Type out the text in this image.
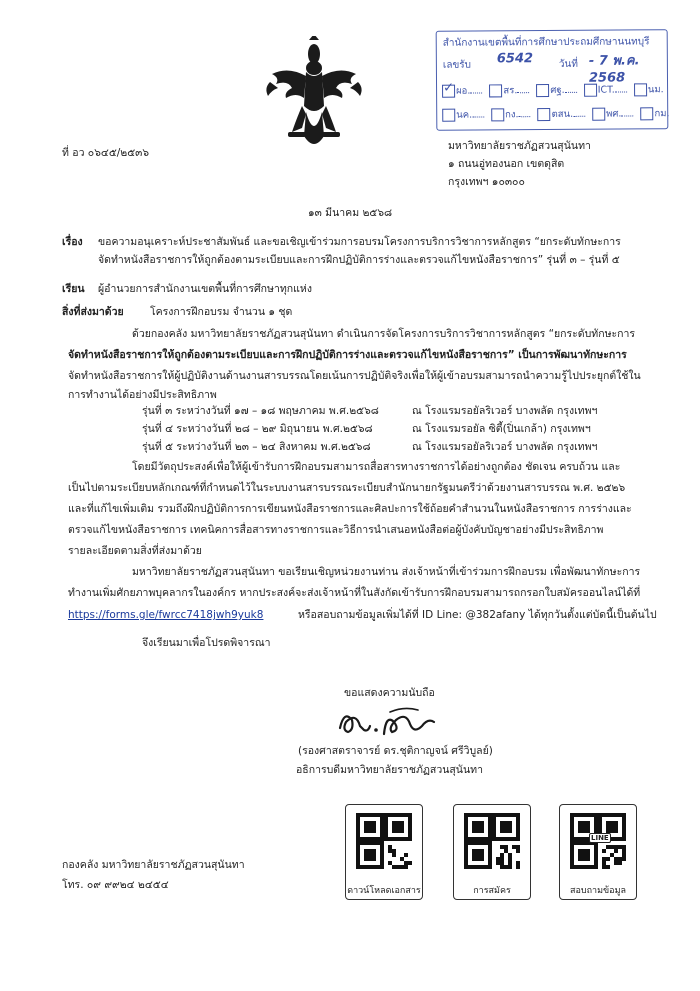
สำนักงานเขตพื้นที่การศึกษาประถมศึกษานนทบุรี
เลขรับ 6542	วันที่ - 7 พ.ค. 2568
✓ผอ.	สร.	ศฐ.	ICT.	นม.
นค.	กง.	ตสน.	พศ.	กม.
ที่ อว ๐๖๔๕/๒๕๓๖
มหาวิทยาลัยราชภัฏสวนสุนันทา
๑ ถนนอู่ทองนอก เขตดุสิต
กรุงเทพฯ ๑๐๓๐๐
๑๓ มีนาคม ๒๕๖๘
เรื่อง ขอความอนุเคราะห์ประชาสัมพันธ์ และขอเชิญเข้าร่วมการอบรมโครงการบริการวิชาการหลักสูตร “ยกระดับทักษะการ
จัดทำหนังสือราชการให้ถูกต้องตามระเบียบและการฝึกปฏิบัติการร่างและตรวจแก้ไขหนังสือราชการ” รุ่นที่ ๓ – รุ่นที่ ๕
เรียน ผู้อำนวยการสำนักงานเขตพื้นที่การศึกษาทุกแห่ง
สิ่งที่ส่งมาด้วย	โครงการฝึกอบรม จำนวน ๑ ชุด
ด้วยกองคลัง มหาวิทยาลัยราชภัฏสวนสุนันทา ดำเนินการจัดโครงการบริการวิชาการหลักสูตร “ยกระดับทักษะการ
จัดทำหนังสือราชการให้ถูกต้องตามระเบียบและการฝึกปฏิบัติการร่างและตรวจแก้ไขหนังสือราชการ” เป็นการพัฒนาทักษะการ
จัดทำหนังสือราชการให้ผู้ปฏิบัติงานด้านงานสารบรรณโดยเน้นการปฏิบัติจริงเพื่อให้ผู้เข้าอบรมสามารถนำความรู้ไปประยุกต์ใช้ใน
การทำงานได้อย่างมีประสิทธิภาพ
รุ่นที่ ๓ ระหว่างวันที่ ๑๗ – ๑๘ พฤษภาคม พ.ศ.๒๕๖๘	ณ โรงแรมรอยัลริเวอร์ บางพลัด กรุงเทพฯ
รุ่นที่ ๔ ระหว่างวันที่ ๒๘ – ๒๙ มิถุนายน พ.ศ.๒๕๖๘	ณ โรงแรมรอยัล ซิตี้(ปิ่นเกล้า) กรุงเทพฯ
รุ่นที่ ๕ ระหว่างวันที่ ๒๓ – ๒๔ สิงหาคม พ.ศ.๒๕๖๘	ณ โรงแรมรอยัลริเวอร์ บางพลัด กรุงเทพฯ
โดยมีวัตถุประสงค์เพื่อให้ผู้เข้ารับการฝึกอบรมสามารถสื่อสารทางราชการได้อย่างถูกต้อง ชัดเจน ครบถ้วน และ
เป็นไปตามระเบียบหลักเกณฑ์ที่กำหนดไว้ในระบบงานสารบรรณระเบียบสำนักนายกรัฐมนตรีว่าด้วยงานสารบรรณ พ.ศ. ๒๕๒๖
และที่แก้ไขเพิ่มเติม รวมถึงฝึกปฏิบัติการการเขียนหนังสือราชการและศิลปะการใช้ถ้อยคำสำนวนในหนังสือราชการ การร่างและ
ตรวจแก้ไขหนังสือราชการ เทคนิคการสื่อสารทางราชการและวิธีการนำเสนอหนังสือต่อผู้บังคับบัญชาอย่างมีประสิทธิภาพ
รายละเอียดตามสิ่งที่ส่งมาด้วย
มหาวิทยาลัยราชภัฏสวนสุนันทา ขอเรียนเชิญหน่วยงานท่าน ส่งเจ้าหน้าที่เข้าร่วมการฝึกอบรม เพื่อพัฒนาทักษะการ
ทำงานเพิ่มศักยภาพบุคลากรในองค์กร หากประสงค์จะส่งเจ้าหน้าที่ในสังกัดเข้ารับการฝึกอบรมสามารถกรอกใบสมัครออนไลน์ได้ที่
https://forms.gle/fwrcc7418jwh9yuk8	หรือสอบถามข้อมูลเพิ่มได้ที่ ID Line: @382afany ได้ทุกวันตั้งแต่บัดนี้เป็นต้นไป
จึงเรียนมาเพื่อโปรดพิจารณา
ขอแสดงความนับถือ
(รองศาสตราจารย์ ดร.ชุติกาญจน์ ศรีวิบูลย์)
อธิการบดีมหาวิทยาลัยราชภัฏสวนสุนันทา
ดาวน์โหลดเอกสาร	การสมัคร
LINE
สอบถามข้อมูล
กองคลัง มหาวิทยาลัยราชภัฏสวนสุนันทา
โทร. ๐๙ ๙๙๒๔ ๒๔๕๔
